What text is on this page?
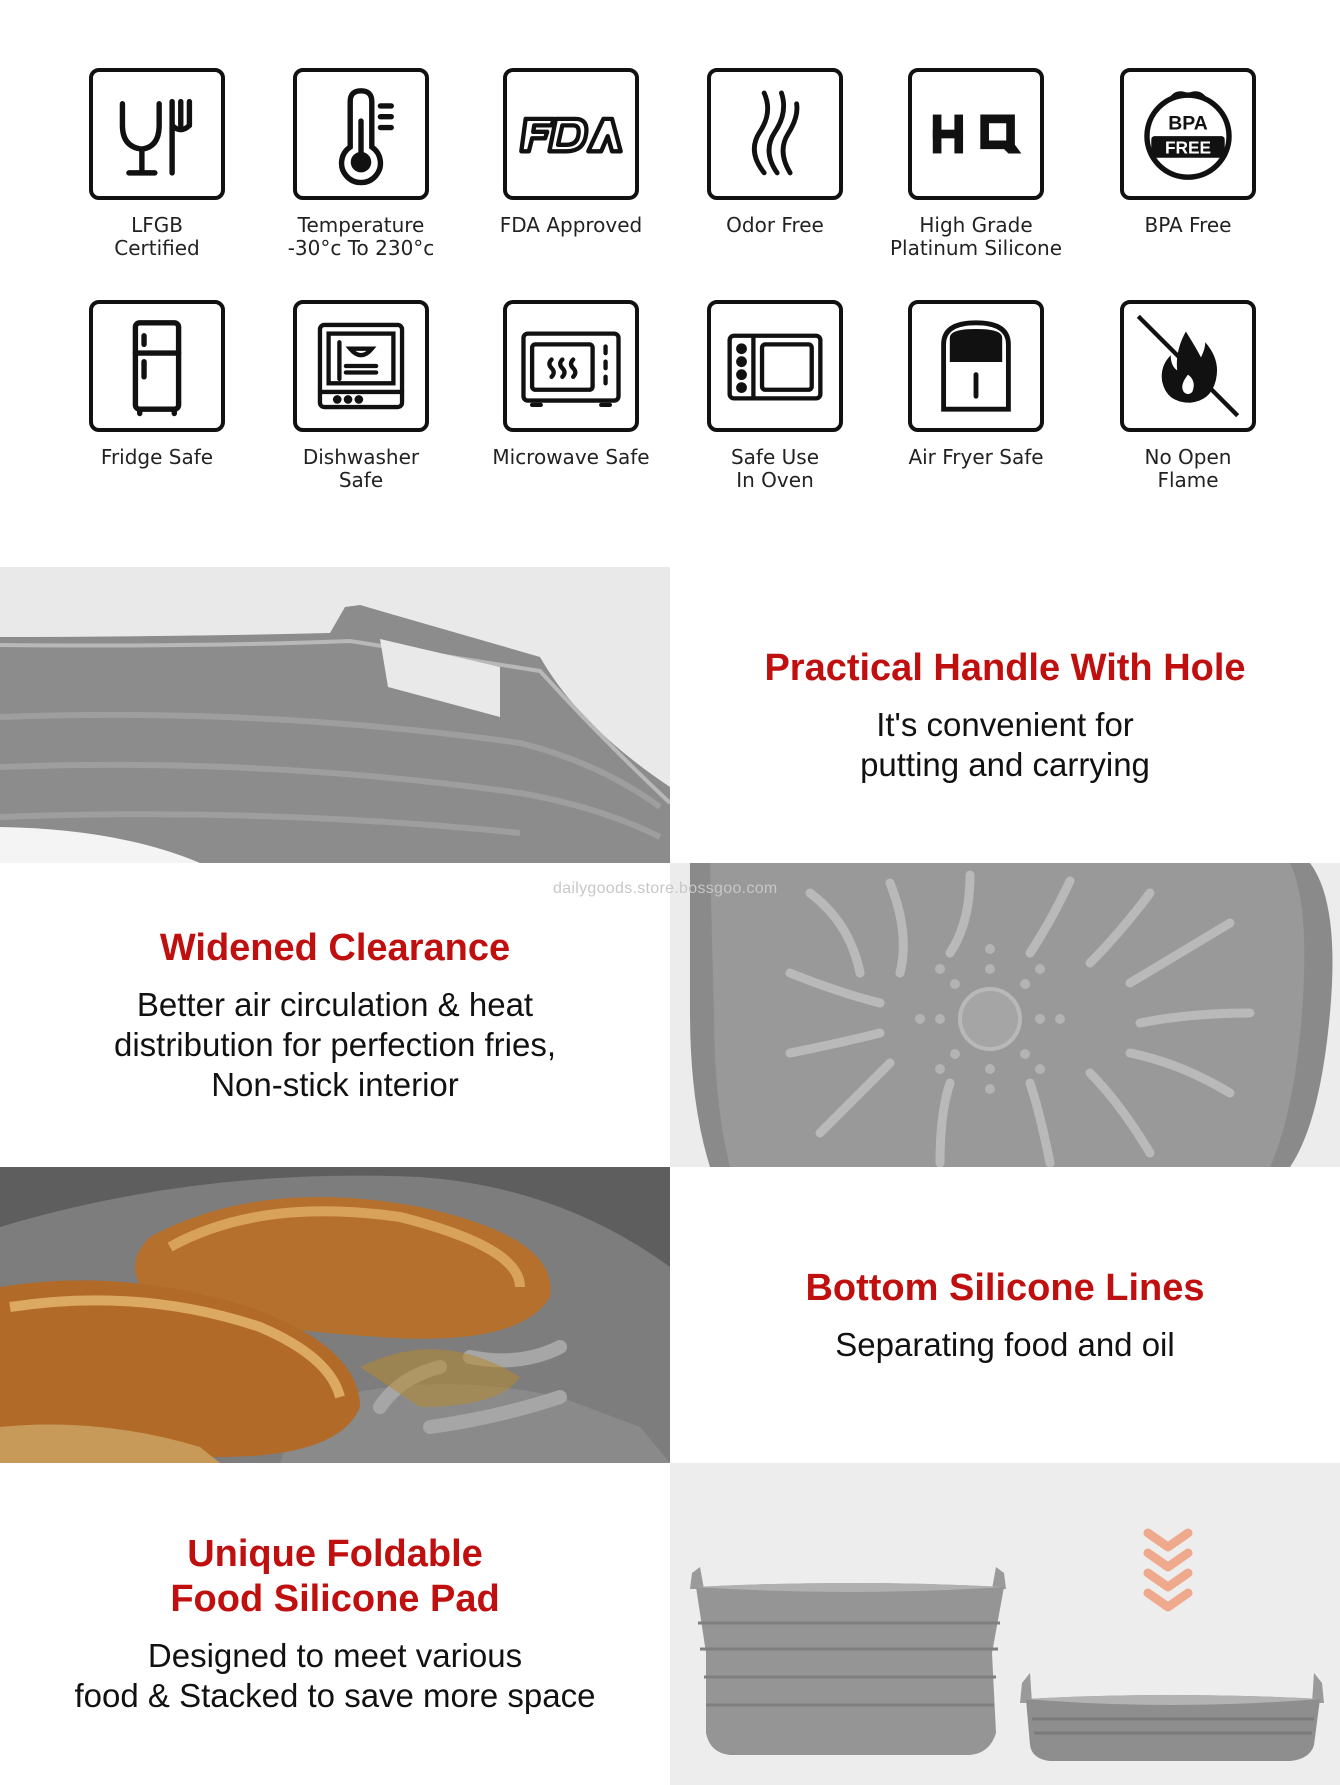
LFGB
Certified
Temperature
-30°c To 230°c
FDA Approved	Odor Free	High Grade
Platinum Silicone
BPA
FREE
BPA Free
Fridge Safe	Dishwasher
Safe
Microwave Safe	Safe Use
In Oven
Air Fryer Safe	No Open
Flame

Practical Handle With Hole

It's convenient for
putting and carrying

Widened Clearance

Better air circulation & heat
distribution for perfection fries,
Non-stick interior

Bottom Silicone Lines

Separating food and oil

Unique Foldable
Food Silicone Pad

Designed to meet various
food & Stacked to save more space

dailygoods.store.bossgoo.com
